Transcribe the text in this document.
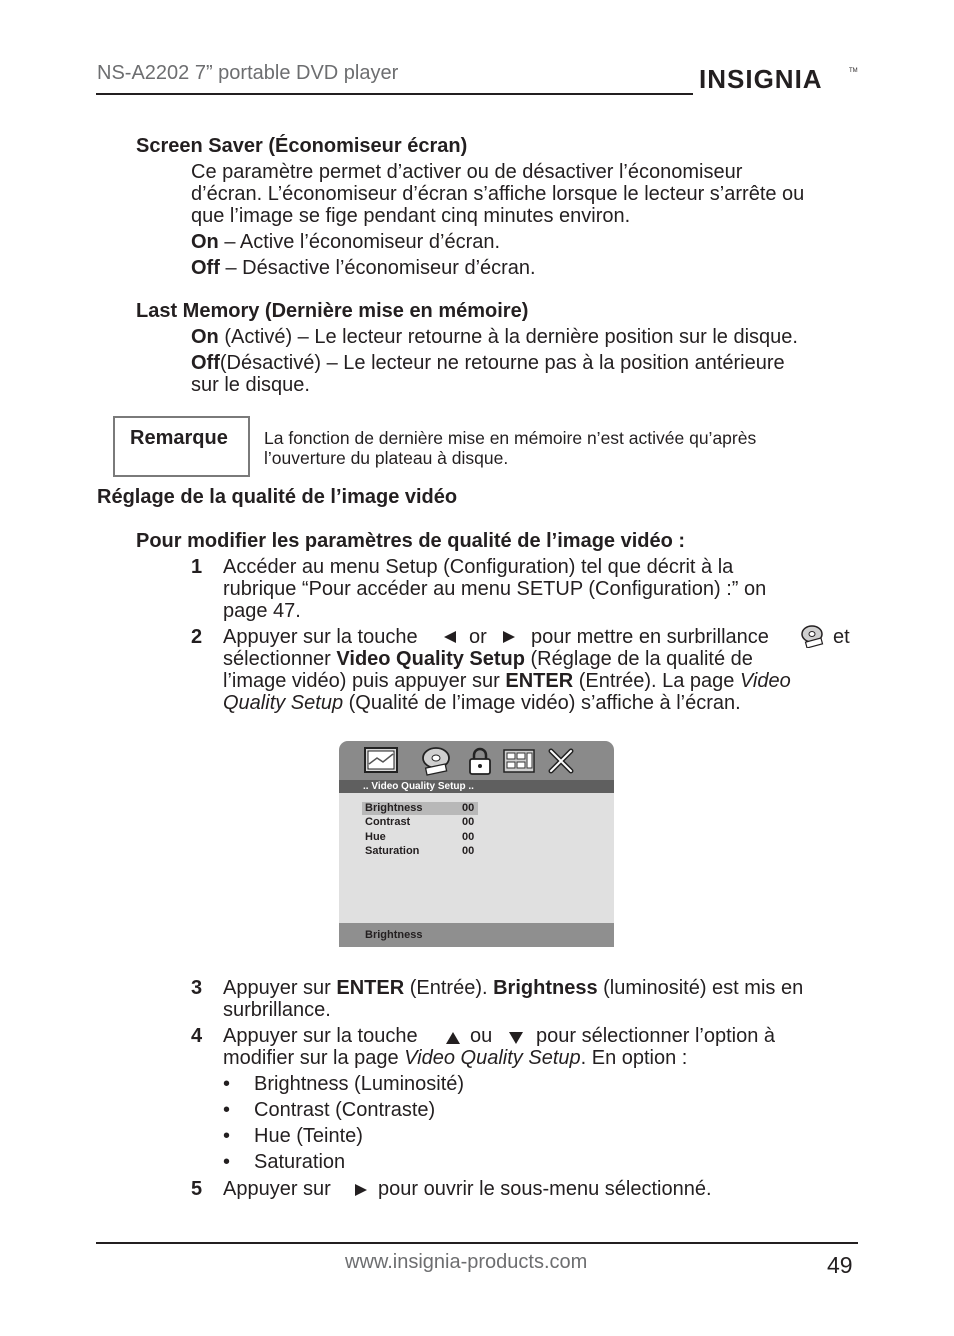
NS-A2202 7” portable DVD player	INSIGNIA	TM
Screen Saver (Économiseur écran)
Ce paramètre permet d’activer ou de désactiver l’économiseur
d’écran. L’économiseur d’écran s’affiche lorsque le lecteur s’arrête ou
que l’image se fige pendant cinq minutes environ.
On – Active l’économiseur d’écran.
Off – Désactive l’économiseur d’écran.
Last Memory (Dernière mise en mémoire)
On (Activé) – Le lecteur retourne à la dernière position sur le disque.
Off(Désactivé) – Le lecteur ne retourne pas à la position antérieure
sur le disque.
Remarque La fonction de dernière mise en mémoire n’est activée qu’après
l’ouverture du plateau à disque.
Réglage de la qualité de l’image vidéo
Pour modifier les paramètres de qualité de l’image vidéo :
1 Accéder au menu Setup (Configuration) tel que décrit à la
rubrique “Pour accéder au menu SETUP (Configuration) :” on
page 47.
2 Appuyer sur la touche	or pour mettre en surbrillance	et
sélectionner Video Quality Setup (Réglage de la qualité de
l’image vidéo) puis appuyer sur ENTER (Entrée). La page Video
Quality Setup (Qualité de l’image vidéo) s’affiche à l’écran.
.. Video Quality Setup ..
Brightness	00
Contrast	00
Hue	00
Saturation	00
Brightness
3 Appuyer sur ENTER (Entrée). Brightness (luminosité) est mis en
surbrillance.
4 Appuyer sur la touche	ou pour sélectionner l’option à
modifier sur la page Video Quality Setup. En option :
• Brightness (Luminosité)
• Contrast (Contraste)
• Hue (Teinte)
• Saturation
5 Appuyer sur pour ouvrir le sous-menu sélectionné.
www.insignia-products.com	49
